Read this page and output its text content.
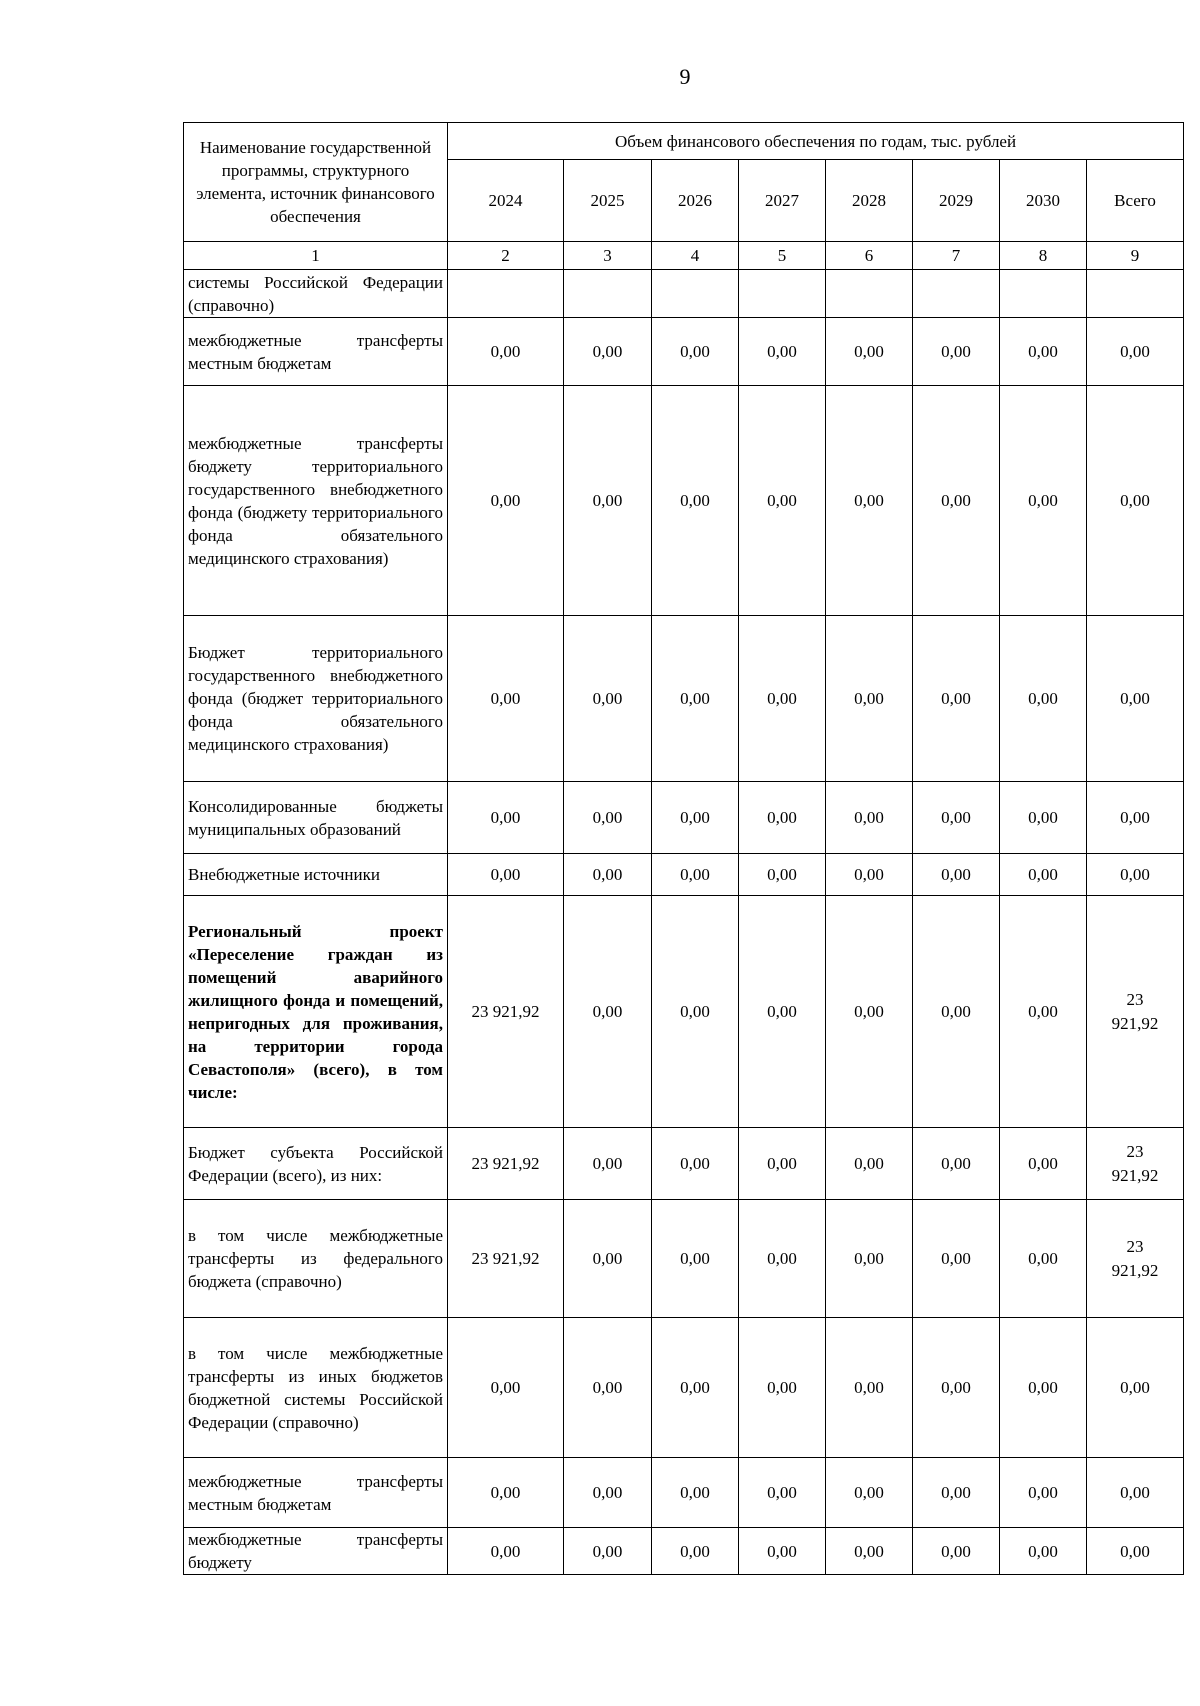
9
Наименование государственной программы, структурного элемента, источник финансового обеспечения	Объем финансового обеспечения по годам, тыс. рублей							
	2024	2025	2026	2027	2028	2029	2030	Всего
1	2	3	4	5	6	7	8	9
системы Российской Федерации (справочно)								
межбюджетные трансферты местным бюджетам	0,00	0,00	0,00	0,00	0,00	0,00	0,00	0,00
межбюджетные трансферты бюджету территориального государственного внебюджетного фонда (бюджету территориального фонда обязательного медицинского страхования)	0,00	0,00	0,00	0,00	0,00	0,00	0,00	0,00
Бюджет территориального государственного внебюджетного фонда (бюджет территориального фонда обязательного медицинского страхования)	0,00	0,00	0,00	0,00	0,00	0,00	0,00	0,00
Консолидированные бюджеты муниципальных образований	0,00	0,00	0,00	0,00	0,00	0,00	0,00	0,00
Внебюджетные источники	0,00	0,00	0,00	0,00	0,00	0,00	0,00	0,00
Региональный проект «Переселение граждан из помещений аварийного жилищного фонда и помещений, непригодных для проживания, на территории города Севастополя» (всего), в том числе:	23 921,92	0,00	0,00	0,00	0,00	0,00	0,00	23 921,92
Бюджет субъекта Российской Федерации (всего), из них:	23 921,92	0,00	0,00	0,00	0,00	0,00	0,00	23 921,92
в том числе межбюджетные трансферты из федерального бюджета (справочно)	23 921,92	0,00	0,00	0,00	0,00	0,00	0,00	23 921,92
в том числе межбюджетные трансферты из иных бюджетов бюджетной системы Российской Федерации (справочно)	0,00	0,00	0,00	0,00	0,00	0,00	0,00	0,00
межбюджетные трансферты местным бюджетам	0,00	0,00	0,00	0,00	0,00	0,00	0,00	0,00
межбюджетные трансферты бюджету	0,00	0,00	0,00	0,00	0,00	0,00	0,00	0,00
